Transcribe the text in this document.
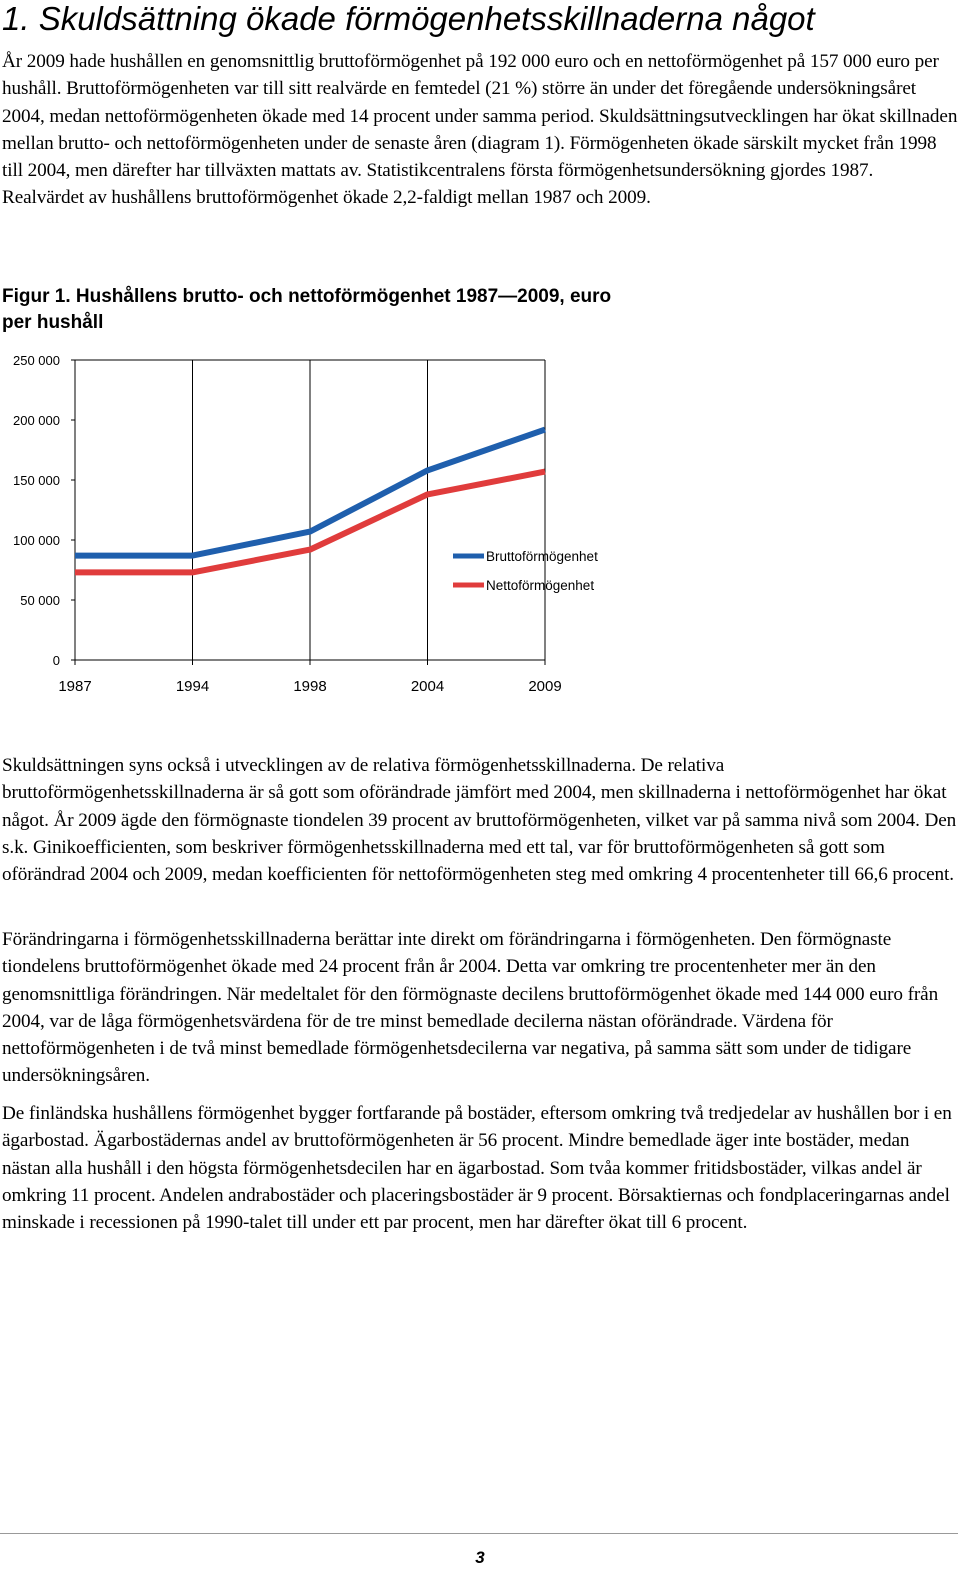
1. Skuldsättning ökade förmögenhetsskillnaderna något

År 2009 hade hushållen en genomsnittlig bruttoförmögenhet på 192 000 euro och en nettoförmögenhet på 157 000 euro per hushåll. Bruttoförmögenheten var till sitt realvärde en femtedel (21 %) större än under det föregående undersökningsåret 2004, medan nettoförmögenheten ökade med 14 procent under samma period. Skuldsättningsutvecklingen har ökat skillnaden mellan brutto- och nettoförmögenheten under de senaste åren (diagram 1). Förmögenheten ökade särskilt mycket från 1998 till 2004, men därefter har tillväxten mattats av. Statistikcentralens första förmögenhetsundersökning gjordes 1987. Realvärdet av hushållens bruttoförmögenhet ökade 2,2-faldigt mellan 1987 och 2009.

Figur 1. Hushållens brutto- och nettoförmögenhet 1987—2009, euro
per hushåll
0
50 000
100 000
150 000
200 000
250 000
1987	1994	1998	2004	2009
Bruttoförmögenhet
Nettoförmögenhet

Skuldsättningen syns också i utvecklingen av de relativa förmögenhetsskillnaderna. De relativa bruttoförmögenhetsskillnaderna är så gott som oförändrade jämfört med 2004, men skillnaderna i nettoförmögenhet har ökat något. År 2009 ägde den förmögnaste tiondelen 39 procent av bruttoförmögenheten, vilket var på samma nivå som 2004. Den s.k. Ginikoefficienten, som beskriver förmögenhetsskillnaderna med ett tal, var för bruttoförmögenheten så gott som oförändrad 2004 och 2009, medan koefficienten för nettoförmögenheten steg med omkring 4 procentenheter till 66,6 procent.

Förändringarna i förmögenhetsskillnaderna berättar inte direkt om förändringarna i förmögenheten. Den förmögnaste tiondelens bruttoförmögenhet ökade med 24 procent från år 2004. Detta var omkring tre procentenheter mer än den genomsnittliga förändringen. När medeltalet för den förmögnaste decilens bruttoförmögenhet ökade med 144 000 euro från 2004, var de låga förmögenhetsvärdena för de tre minst bemedlade decilerna nästan oförändrade. Värdena för nettoförmögenheten i de två minst bemedlade förmögenhetsdecilerna var negativa, på samma sätt som under de tidigare undersökningsåren.

De finländska hushållens förmögenhet bygger fortfarande på bostäder, eftersom omkring två tredjedelar av hushållen bor i en ägarbostad. Ägarbostädernas andel av bruttoförmögenheten är 56 procent. Mindre bemedlade äger inte bostäder, medan nästan alla hushåll i den högsta förmögenhetsdecilen har en ägarbostad. Som tvåa kommer fritidsbostäder, vilkas andel är omkring 11 procent. Andelen andrabostäder och placeringsbostäder är 9 procent. Börsaktiernas och fondplaceringarnas andel minskade i recessionen på 1990-talet till under ett par procent, men har därefter ökat till 6 procent.

3
